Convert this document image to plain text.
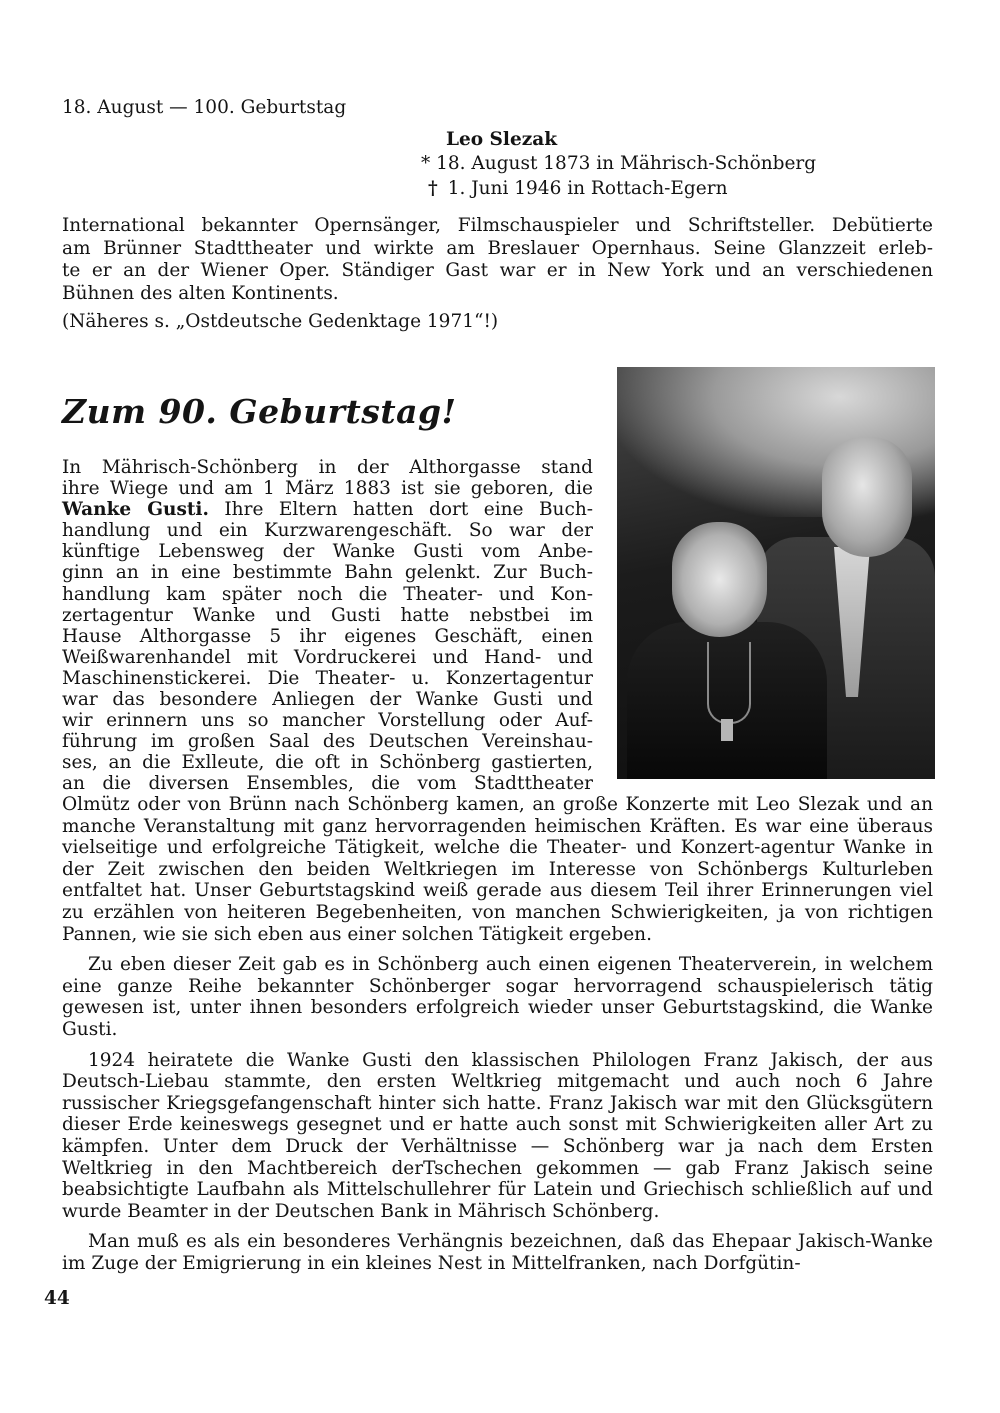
18. August — 100. Geburtstag
Leo Slezak
* 18. August 1873 in Mährisch-Schönberg
† 1. Juni 1946 in Rottach-Egern

International bekannter Opernsänger, Filmschauspieler und Schriftsteller. Debütierte
am Brünner Stadttheater und wirkte am Breslauer Opernhaus. Seine Glanzzeit erleb-
te er an der Wiener Oper. Ständiger Gast war er in New York und an verschiedenen
Bühnen des alten Kontinents.

(Näheres s. „Ostdeutsche Gedenktage 1971“!)
Zum 90. Geburtstag!
In Mährisch-Schönberg in der Althorgasse stand
ihre Wiege und am 1 März 1883 ist sie geboren, die
Wanke Gusti. Ihre Eltern hatten dort eine Buch-
handlung und ein Kurzwarengeschäft. So war der
künftige Lebensweg der Wanke Gusti vom Anbe-
ginn an in eine bestimmte Bahn gelenkt. Zur Buch-
handlung kam später noch die Theater- und Kon-
zertagentur Wanke und Gusti hatte nebstbei im
Hause Althorgasse 5 ihr eigenes Geschäft, einen
Weißwarenhandel mit Vordruckerei und Hand- und
Maschinenstickerei. Die Theater- u. Konzertagentur
war das besondere Anliegen der Wanke Gusti und
wir erinnern uns so mancher Vorstellung oder Auf-
führung im großen Saal des Deutschen Vereinshau-
ses, an die Exlleute, die oft in Schönberg gastierten,
an die diversen Ensembles, die vom Stadttheater

Olmütz oder von Brünn nach Schönberg kamen, an große Konzerte mit Leo Slezak und an manche Veranstaltung mit ganz hervorragenden heimischen Kräften. Es war eine überaus vielseitige und erfolgreiche Tätigkeit, welche die Theater- und Konzert-agentur Wanke in der Zeit zwischen den beiden Weltkriegen im Interesse von Schönbergs Kulturleben entfaltet hat. Unser Geburtstagskind weiß gerade aus diesem Teil ihrer Erinnerungen viel zu erzählen von heiteren Begebenheiten, von manchen Schwierigkeiten, ja von richtigen Pannen, wie sie sich eben aus einer solchen Tätigkeit ergeben.

Zu eben dieser Zeit gab es in Schönberg auch einen eigenen Theaterverein, in welchem eine ganze Reihe bekannter Schönberger sogar hervorragend schauspielerisch tätig gewesen ist, unter ihnen besonders erfolgreich wieder unser Geburtstagskind, die Wanke Gusti.

1924 heiratete die Wanke Gusti den klassischen Philologen Franz Jakisch, der aus Deutsch-Liebau stammte, den ersten Weltkrieg mitgemacht und auch noch 6 Jahre russischer Kriegsgefangenschaft hinter sich hatte. Franz Jakisch war mit den Glücksgütern dieser Erde keineswegs gesegnet und er hatte auch sonst mit Schwierigkeiten aller Art zu kämpfen. Unter dem Druck der Verhältnisse — Schönberg war ja nach dem Ersten Weltkrieg in den Machtbereich derTschechen gekommen — gab Franz Jakisch seine beabsichtigte Laufbahn als Mittelschullehrer für Latein und Griechisch schließlich auf und wurde Beamter in der Deutschen Bank in Mährisch Schönberg.

Man muß es als ein besonderes Verhängnis bezeichnen, daß das Ehepaar Jakisch-Wanke im Zuge der Emigrierung in ein kleines Nest in Mittelfranken, nach Dorfgütin-

44
